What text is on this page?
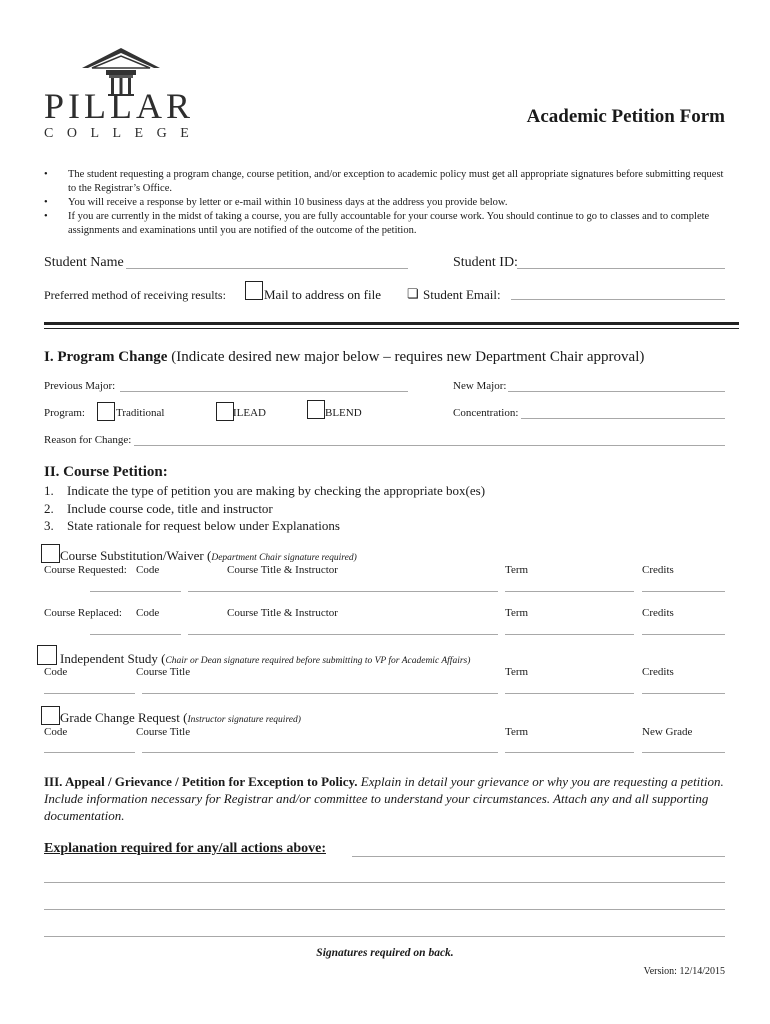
PILLAR
COLLEGE
Academic Petition Form
• The student requesting a program change, course petition, and/or exception to academic policy must get all appropriate signatures before submitting request to the Registrar’s Office.
• You will receive a response by letter or e-mail within 10 business days at the address you provide below.
• If you are currently in the midst of taking a course, you are fully accountable for your course work. You should continue to go to classes and to complete assignments and examinations until you are notified of the outcome of the petition.
Student Name	Student ID:
Preferred method of receiving results:	Mail to address on file ❏ Student Email:
I. Program Change (Indicate desired new major below – requires new Department Chair approval)
Previous Major:	New Major:
Program:	Traditional	ILEAD	BLEND	Concentration:
Reason for Change:
II. Course Petition:
1. Indicate the type of petition you are making by checking the appropriate box(es)
2. Include course code, title and instructor
3. State rationale for request below under Explanations
Course Substitution/Waiver (Department Chair signature required)
Course Requested: Code	Course Title & Instructor	Term	Credits
Course Replaced: Code	Course Title & Instructor	Term	Credits
Independent Study (Chair or Dean signature required before submitting to VP for Academic Affairs)
Code	Course Title	Term	Credits
Grade Change Request (Instructor signature required)
Code	Course Title	Term	New Grade
III. Appeal / Grievance / Petition for Exception to Policy. Explain in detail your grievance or why you are requesting a petition. Include information necessary for Registrar and/or committee to understand your circumstances. Attach any and all supporting documentation.
Explanation required for any/all actions above:
Signatures required on back.
Version: 12/14/2015
